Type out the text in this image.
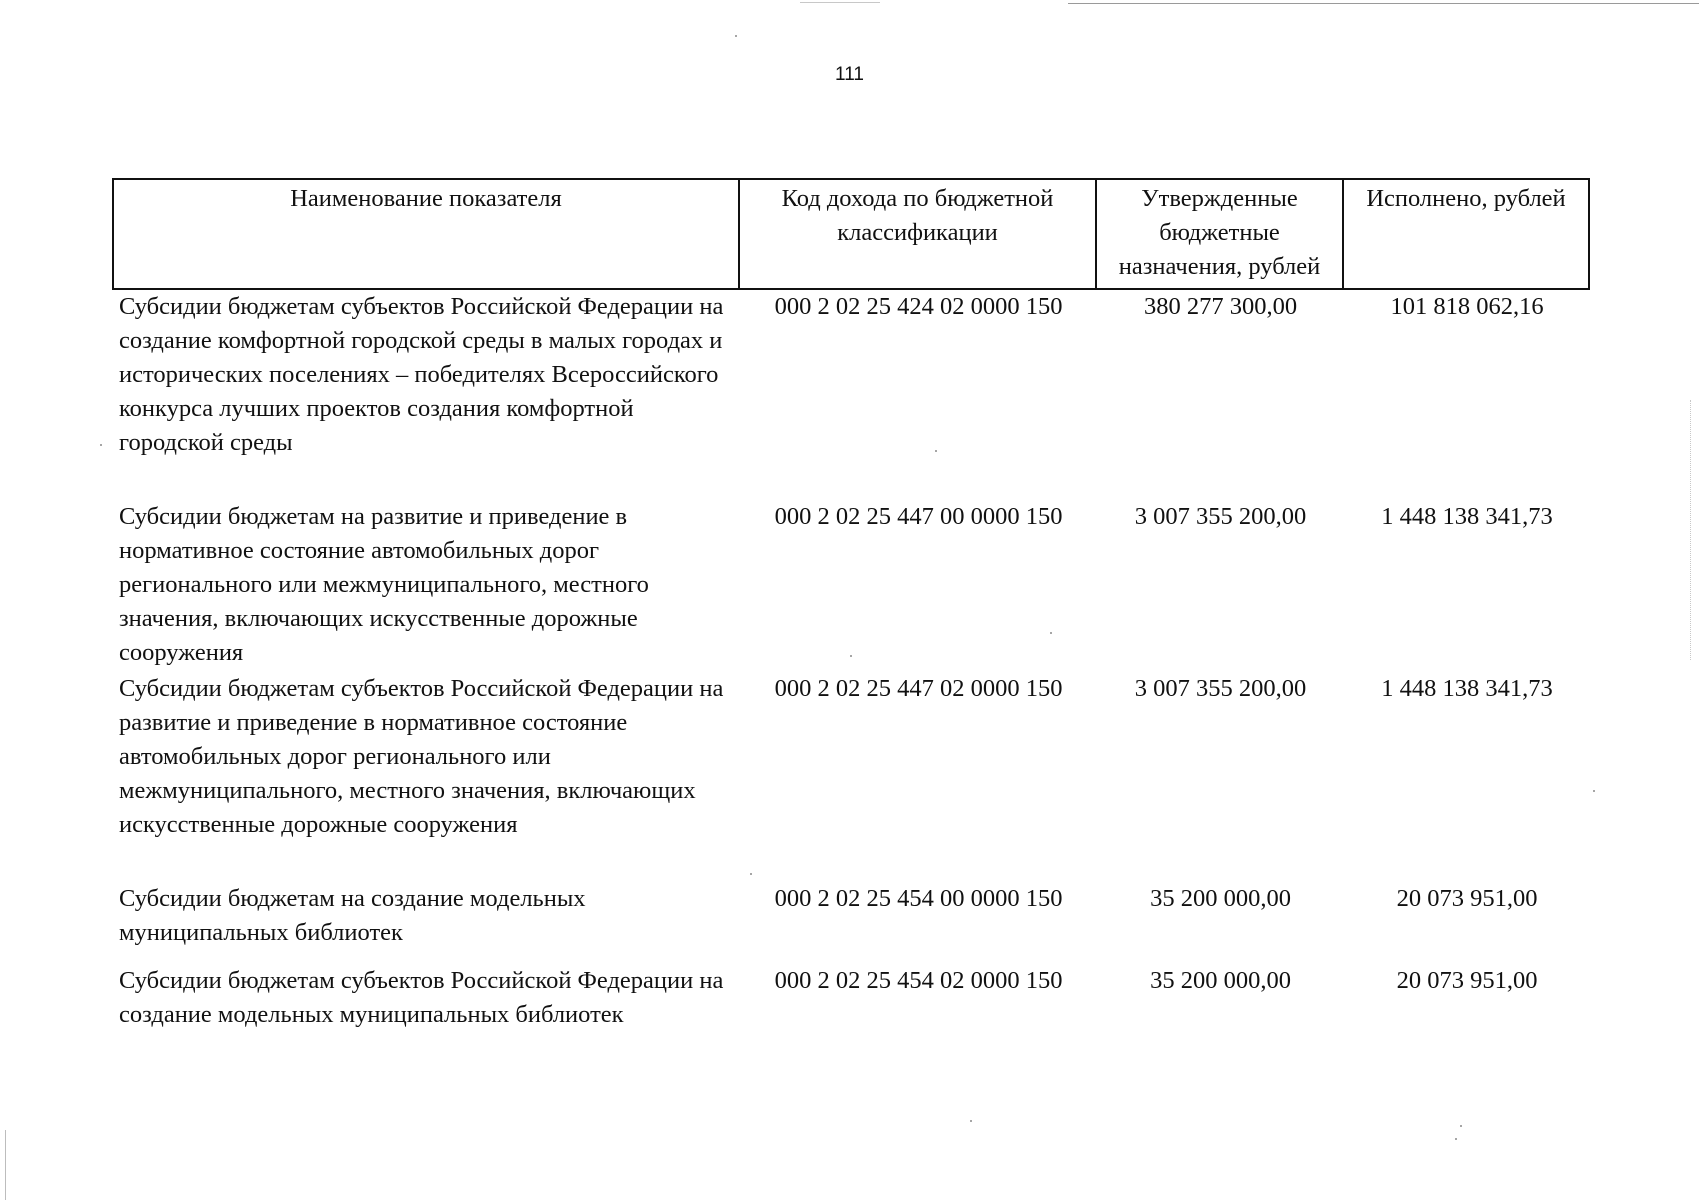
111
Наименование показателя	Код дохода по бюджетной классификации	Утвержденные бюджетные назначения, рублей	Исполнено, рублей
Субсидии бюджетам субъектов Российской Федерации на создание комфортной городской среды в малых городах и исторических поселениях – победителях Всероссийского конкурса лучших проектов создания комфортной городской среды	000 2 02 25 424 02 0000 150	380 277 300,00	101 818 062,16
Субсидии бюджетам на развитие и приведение в нормативное состояние автомобильных дорог регионального или межмуниципального, местного значения, включающих искусственные дорожные сооружения	000 2 02 25 447 00 0000 150	3 007 355 200,00	1 448 138 341,73
Субсидии бюджетам субъектов Российской Федерации на развитие и приведение в нормативное состояние автомобильных дорог регионального или межмуниципального, местного значения, включающих искусственные дорожные сооружения	000 2 02 25 447 02 0000 150	3 007 355 200,00	1 448 138 341,73
Субсидии бюджетам на создание модельных муниципальных библиотек	000 2 02 25 454 00 0000 150	35 200 000,00	20 073 951,00
Субсидии бюджетам субъектов Российской Федерации на создание модельных муниципальных библиотек	000 2 02 25 454 02 0000 150	35 200 000,00	20 073 951,00
